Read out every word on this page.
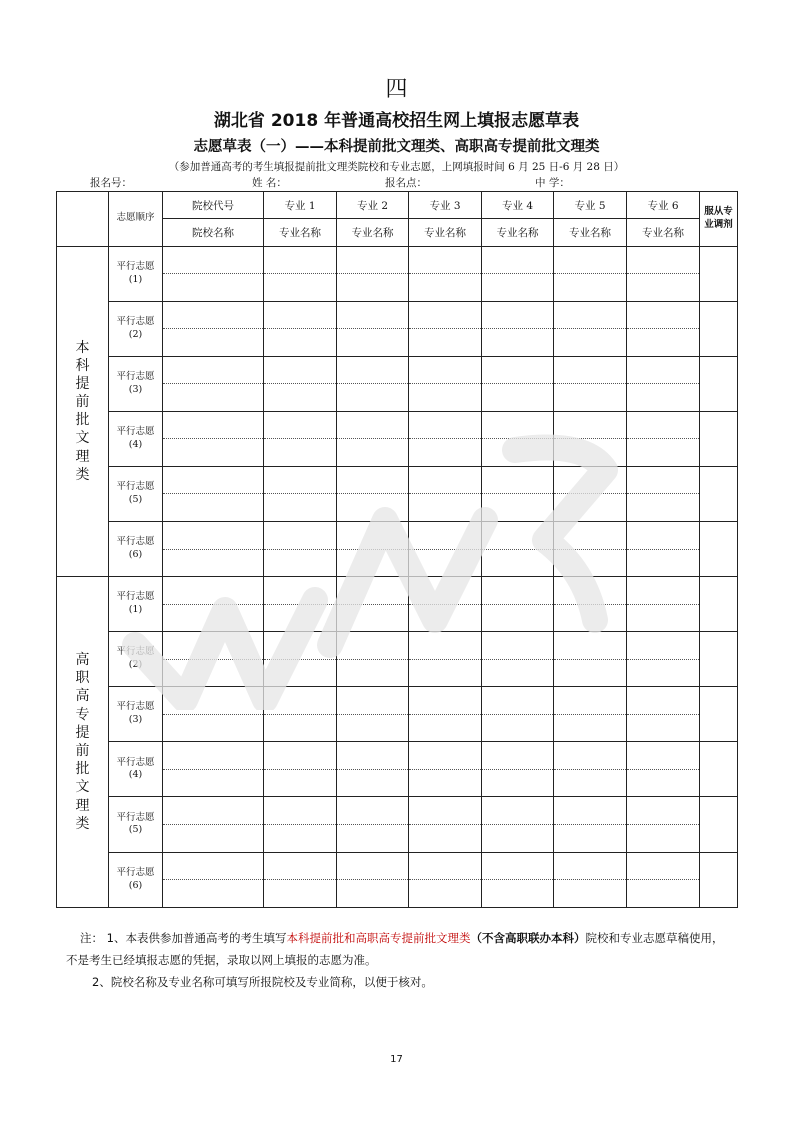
四
湖北省 2018 年普通高校招生网上填报志愿草表
志愿草表（一）——本科提前批文理类、高职高专提前批文理类
（参加普通高考的考生填报提前批文理类院校和专业志愿，上网填报时间 6 月 25 日-6 月 28 日）
报名号：	姓 名：	报名点：	中 学：
	志愿顺序	院校代号	专业 1	专业 2	专业 3	专业 4	专业 5	专业 6	服从专业调剂
		院校名称	专业名称	专业名称	专业名称	专业名称	专业名称	专业名称	
本科提前批文理类	平行志愿
(1)								

	平行志愿
(2)								

	平行志愿
(3)								

	平行志愿
(4)								

	平行志愿
(5)								

	平行志愿
(6)								

高职高专提前批文理类	平行志愿
(1)								

	平行志愿
(2)								

	平行志愿
(3)								

	平行志愿
(4)								

	平行志愿
(5)								

	平行志愿
(6)								

注： 1、本表供参加普通高考的考生填写本科提前批和高职高专提前批文理类（不含高职联办本科）院校和专业志愿草稿使用，不是考生已经填报志愿的凭据，录取以网上填报的志愿为准。

2、院校名称及专业名称可填写所报院校及专业简称，以便于核对。

17
